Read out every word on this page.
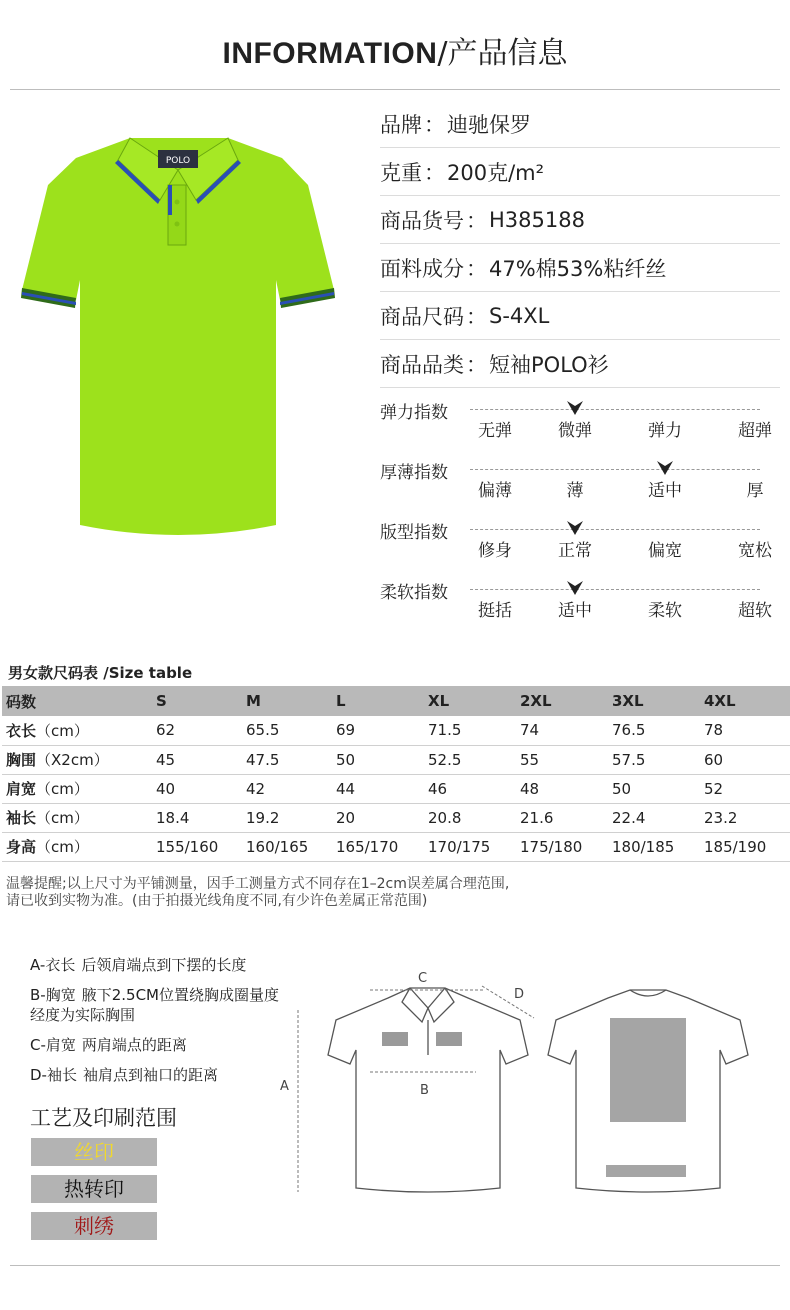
INFORMATION/产品信息
POLO
品牌 ： 迪驰保罗
克重 ： 200克/m²
商品货号 ： H385188
面料成分 ： 47%棉53%粘纤丝
商品尺码 ： S-4XL
商品品类 ： 短袖POLO衫
弹力指数
无弹	微弹	弹力	超弹
厚薄指数
偏薄	薄	适中	厚
版型指数
修身	正常	偏宽	宽松
柔软指数
挺括	适中	柔软	超软
男女款尺码表 /Size table
码数	S	M	L	XL	2XL	3XL	4XL
衣长（cm）	62	65.5	69	71.5	74	76.5	78
胸围（X2cm）	45	47.5	50	52.5	55	57.5	60
肩宽（cm）	40	42	44	46	48	50	52
袖长（cm）	18.4	19.2	20	20.8	21.6	22.4	23.2
身高（cm）	155/160	160/165	165/170	170/175	175/180	180/185	185/190
温馨提醒;以上尺寸为平铺测量，因手工测量方式不同存在1–2cm误差属合理范围,
请已收到实物为准。(由于拍摄光线角度不同,有少许色差属正常范围)
A-衣长 后领肩端点到下摆的长度
B-胸宽 腋下2.5CM位置绕胸成圈量度经度为实际胸围
C-肩宽 两肩端点的距离
D-袖长 袖肩点到袖口的距离
工艺及印刷范围
丝印
热转印
刺绣
A	B
C
D
